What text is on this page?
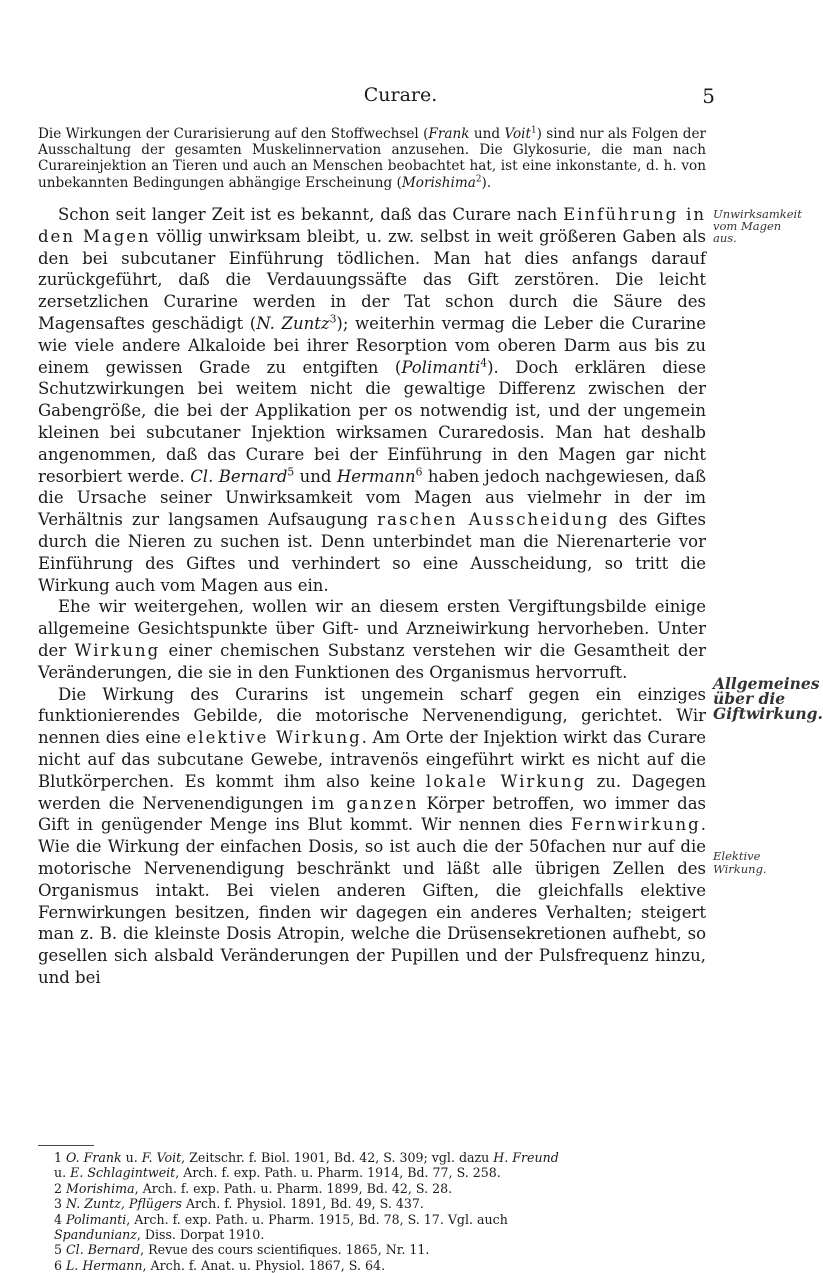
Curare.	5

Die Wirkungen der Curarisierung auf den Stoffwechsel (Frank und Voit$^1$) sind nur als Folgen der Ausschaltung der gesamten Muskelinnervation anzusehen. Die Glykosurie, die man nach Curareinjektion an Tieren und auch an Menschen beobachtet hat, ist eine inkonstante, d. h. von unbekannten Bedingungen abhängige Erscheinung (Morishima$^2$).

Schon seit langer Zeit ist es bekannt, daß das Curare nach Einführung in den Magen völlig unwirksam bleibt, u. zw. selbst in weit größeren Gaben als den bei subcutaner Einführung tödlichen. Man hat dies anfangs darauf zurückgeführt, daß die Verdauungssäfte das Gift zerstören. Die leicht zersetzlichen Curarine werden in der Tat schon durch die Säure des Magensaftes geschädigt (N. Zuntz$^3$); weiterhin vermag die Leber die Curarine wie viele andere Alkaloide bei ihrer Resorption vom oberen Darm aus bis zu einem gewissen Grade zu entgiften (Polimanti$^4$). Doch erklären diese Schutzwirkungen bei weitem nicht die gewaltige Differenz zwischen der Gabengröße, die bei der Applikation per os notwendig ist, und der ungemein kleinen bei subcutaner Injektion wirksamen Curaredosis. Man hat deshalb angenommen, daß das Curare bei der Einführung in den Magen gar nicht resorbiert werde. Cl. Bernard$^5$ und Hermann$^6$ haben jedoch nachgewiesen, daß die Ursache seiner Unwirksamkeit vom Magen aus vielmehr in der im Verhältnis zur langsamen Aufsaugung raschen Ausscheidung des Giftes durch die Nieren zu suchen ist. Denn unterbindet man die Nierenarterie vor Einführung des Giftes und verhindert so eine Ausscheidung, so tritt die Wirkung auch vom Magen aus ein.

Ehe wir weitergehen, wollen wir an diesem ersten Vergiftungsbilde einige allgemeine Gesichtspunkte über Gift- und Arzneiwirkung hervorheben. Unter der Wirkung einer chemischen Substanz verstehen wir die Gesamtheit der Veränderungen, die sie in den Funktionen des Organismus hervorruft.

Die Wirkung des Curarins ist ungemein scharf gegen ein einziges funktionierendes Gebilde, die motorische Nervenendigung, gerichtet. Wir nennen dies eine elektive Wirkung. Am Orte der Injektion wirkt das Curare nicht auf das subcutane Gewebe, intravenös eingeführt wirkt es nicht auf die Blutkörperchen. Es kommt ihm also keine lokale Wirkung zu. Dagegen werden die Nervenendigungen im ganzen Körper betroffen, wo immer das Gift in genügender Menge ins Blut kommt. Wir nennen dies Fernwirkung. Wie die Wirkung der einfachen Dosis, so ist auch die der 50fachen nur auf die motorische Nervenendigung beschränkt und läßt alle übrigen Zellen des Organismus intakt. Bei vielen anderen Giften, die gleichfalls elektive Fernwirkungen besitzen, finden wir dagegen ein anderes Verhalten; steigert man z. B. die kleinste Dosis Atropin, welche die Drüsensekretionen aufhebt, so gesellen sich alsbald Veränderungen der Pupillen und der Pulsfrequenz hinzu, und bei

Unwirksamkeit vom Magen aus.
Allgemeines über die Giftwirkung.
Elektive Wirkung.
1 O. Frank u. F. Voit, Zeitschr. f. Biol. 1901, Bd. 42, S. 309; vgl. dazu H. Freund
u. E. Schlagintweit, Arch. f. exp. Path. u. Pharm. 1914, Bd. 77, S. 258.
2 Morishima, Arch. f. exp. Path. u. Pharm. 1899, Bd. 42, S. 28.
3 N. Zuntz, Pflügers Arch. f. Physiol. 1891, Bd. 49, S. 437.
4 Polimanti, Arch. f. exp. Path. u. Pharm. 1915, Bd. 78, S. 17. Vgl. auch
Spandunianz, Diss. Dorpat 1910.
5 Cl. Bernard, Revue des cours scientifiques. 1865, Nr. 11.
6 L. Hermann, Arch. f. Anat. u. Physiol. 1867, S. 64.
